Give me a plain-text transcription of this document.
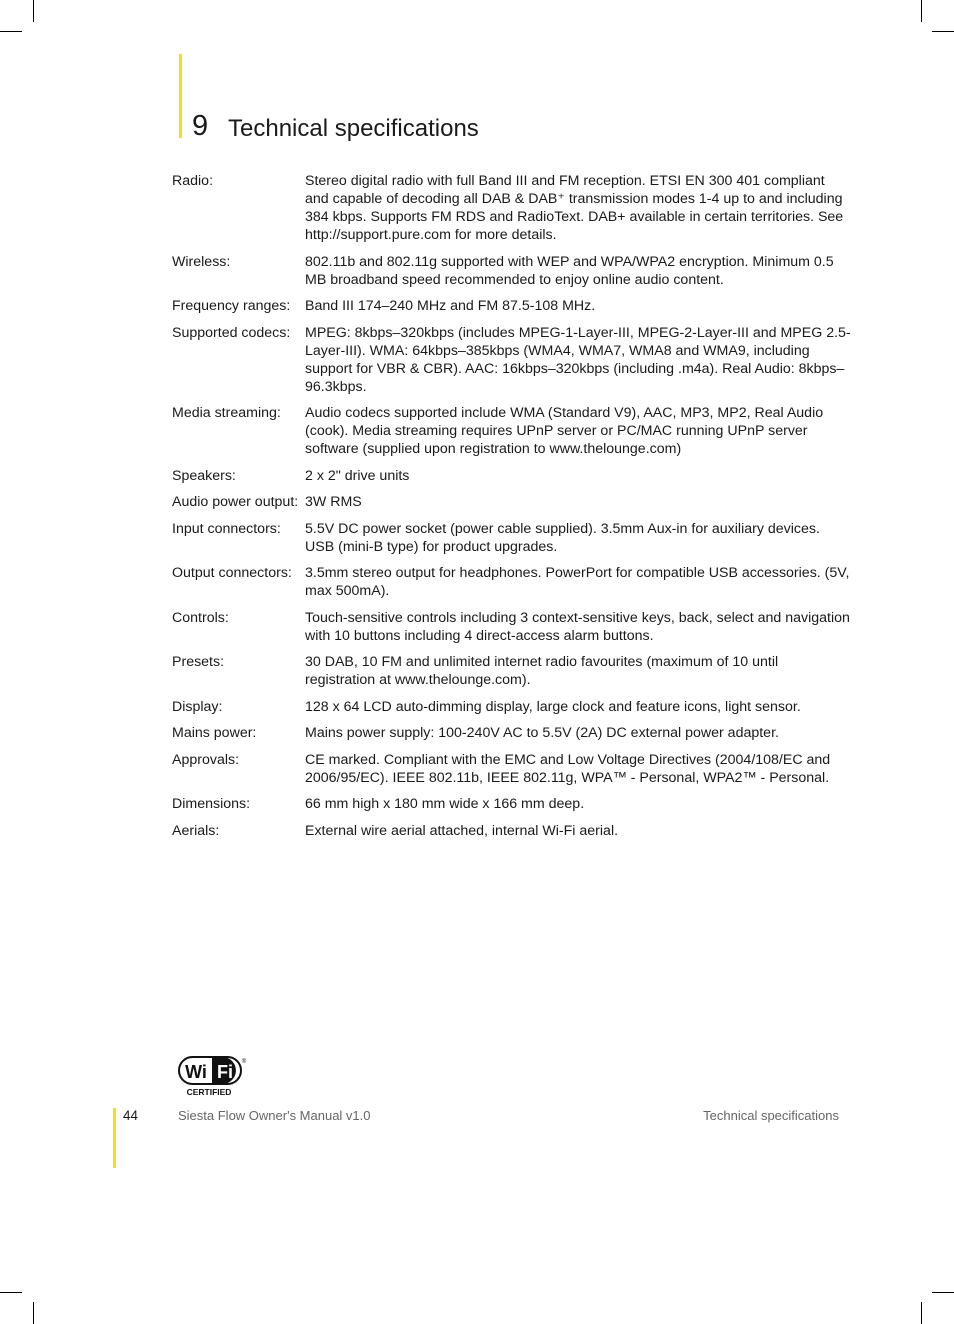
9 Technical specifications
Radio:	Stereo digital radio with full Band III and FM reception. ETSI EN 300 401 compliant and capable of decoding all DAB & DAB⁺ transmission modes 1-4 up to and including 384 kbps. Supports FM RDS and RadioText. DAB+ available in certain territories. See http://support.pure.com for more details.
Wireless:	802.11b and 802.11g supported with WEP and WPA/WPA2 encryption. Minimum 0.5 MB broadband speed recommended to enjoy online audio content.
Frequency ranges:	Band III 174–240 MHz and FM 87.5-108 MHz.
Supported codecs:	MPEG: 8kbps–320kbps (includes MPEG-1-Layer-III, MPEG-2-Layer-III and MPEG 2.5-Layer-III). WMA: 64kbps–385kbps (WMA4, WMA7, WMA8 and WMA9, including support for VBR & CBR). AAC: 16kbps–320kbps (including .m4a). Real Audio: 8kbps–96.3kbps.
Media streaming:	Audio codecs supported include WMA (Standard V9), AAC, MP3, MP2, Real Audio (cook). Media streaming requires UPnP server or PC/MAC running UPnP server software (supplied upon registration to www.thelounge.com)
Speakers:	2 x 2" drive units
Audio power output: 3W RMS
Input connectors:	5.5V DC power socket (power cable supplied). 3.5mm Aux-in for auxiliary devices. USB (mini-B type) for product upgrades.
Output connectors: 3.5mm stereo output for headphones. PowerPort for compatible USB accessories. (5V, max 500mA).
Controls:	Touch-sensitive controls including 3 context-sensitive keys, back, select and navigation with 10 buttons including 4 direct-access alarm buttons.
Presets:	30 DAB, 10 FM and unlimited internet radio favourites (maximum of 10 until registration at www.thelounge.com).
Display:	128 x 64 LCD auto-dimming display, large clock and feature icons, light sensor.
Mains power:	Mains power supply: 100-240V AC to 5.5V (2A) DC external power adapter.
Approvals:	CE marked. Compliant with the EMC and Low Voltage Directives (2004/108/EC and 2006/95/EC). IEEE 802.11b, IEEE 802.11g, WPA™ - Personal, WPA2™ - Personal.
Dimensions:	66 mm high x 180 mm wide x 166 mm deep.
Aerials:	External wire aerial attached, internal Wi-Fi aerial.
Wi Fi ®
CERTIFIED
44	Siesta Flow Owner's Manual v1.0	Technical specifications
